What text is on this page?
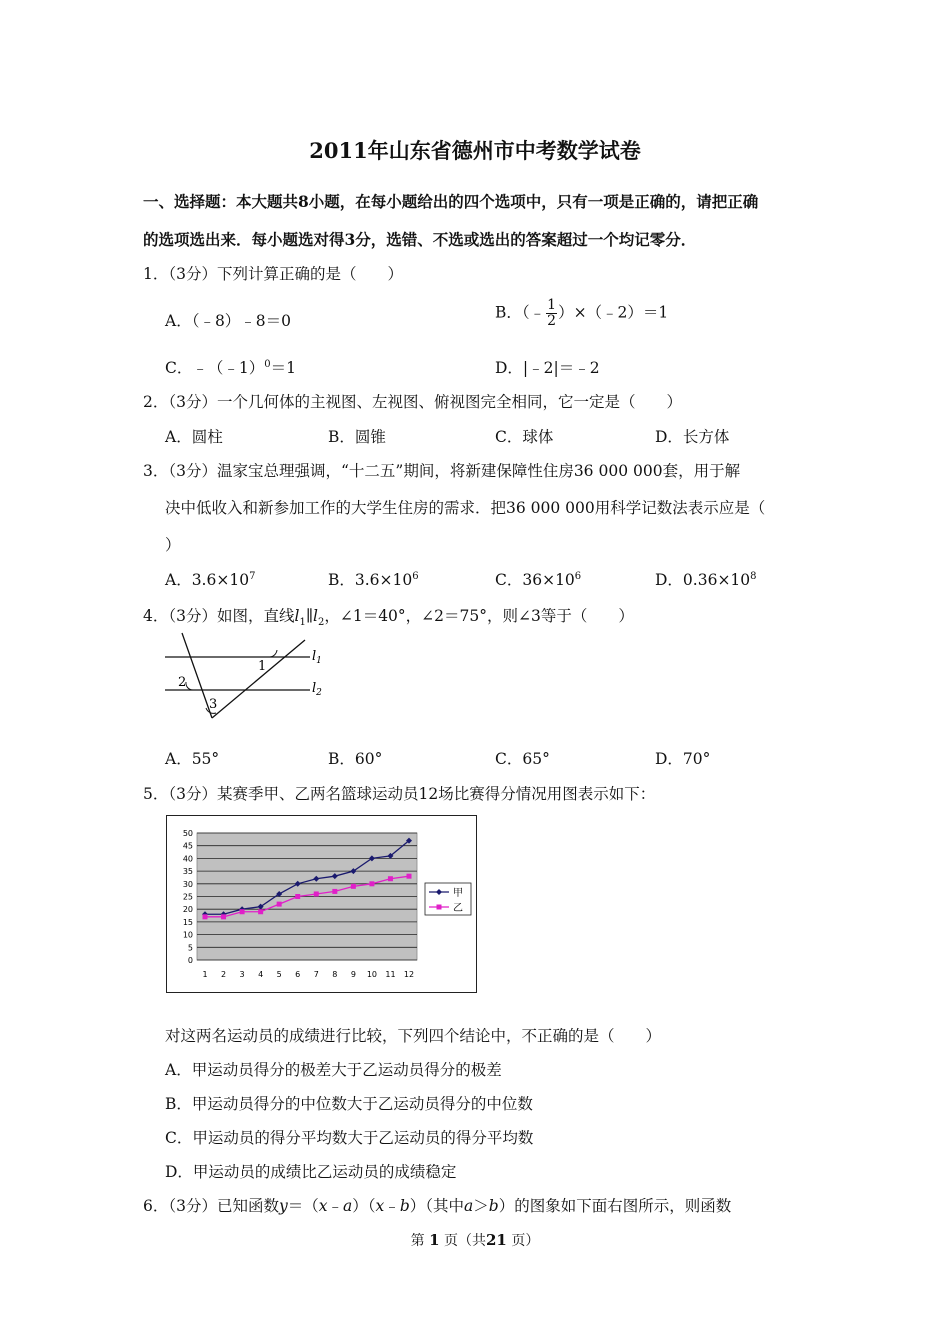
2011年山东省德州市中考数学试卷
一、选择题：本大题共8小题，在每小题给出的四个选项中，只有一项是正确的，请把正确
的选项选出来．每小题选对得3分，选错、不选或选出的答案超过一个均记零分．
1．（3分）下列计算正确的是（　　）
A．（﹣8）﹣8＝0	B．（﹣ $\frac{1}{2}$ ）×（﹣2）＝1
C．﹣（﹣1）$^0$＝1	D．|﹣2|＝﹣2
2．（3分）一个几何体的主视图、左视图、俯视图完全相同，它一定是（　　）
A．圆柱	B．圆锥	C．球体	D．长方体
3．（3分）温家宝总理强调，“十二五”期间，将新建保障性住房36 000 000套，用于解
决中低收入和新参加工作的大学生住房的需求．把36 000 000用科学记数法表示应是（
）
A．$3.6\times 10^7$	B．$3.6\times 10^6$	C．$36\times 10^6$	D．$0.36\times 10^8$
4．（3分）如图，直线$l_1\parallel l_2$，∠1＝40°，∠2＝75°，则∠3等于（　　）
1
2
3
$l_1$
$l_2$
A．55°	B．60°	C．65°	D．70°
5．（3分）某赛季甲、乙两名篮球运动员12场比赛得分情况用图表示如下：
0
5
10
15
20
25
30
35
40
45
50
1 2 3 4 5 6 7 8 9 10 11 12
甲
乙
对这两名运动员的成绩进行比较，下列四个结论中，不正确的是（　　）
A．甲运动员得分的极差大于乙运动员得分的极差
B．甲运动员得分的中位数大于乙运动员得分的中位数
C．甲运动员的得分平均数大于乙运动员的得分平均数
D．甲运动员的成绩比乙运动员的成绩稳定
6．（3分）已知函数y＝（x﹣a）（x﹣b）（其中a＞b）的图象如下面右图所示，则函数
第 1 页（共21 页）
